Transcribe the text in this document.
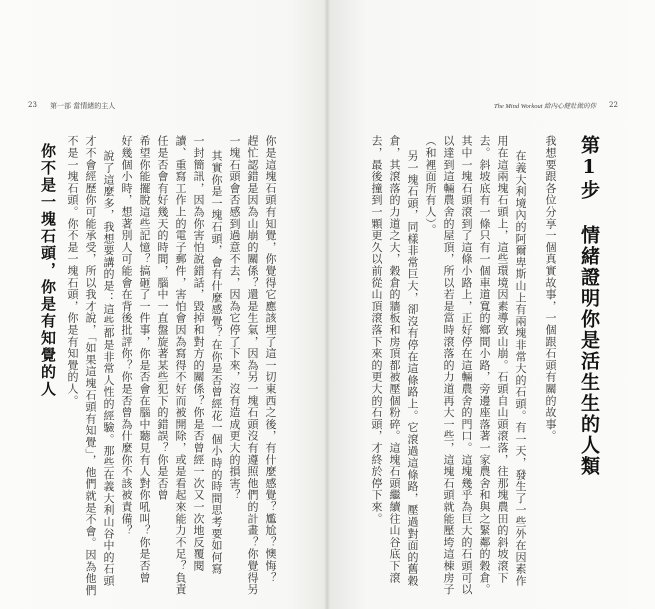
23 第一部 當情緒的主人	The Mind Workout 給內心健壯做的你 22
第1步 情緒證明你是活生生的人類
我想要跟各位分享一個真實故事，一個跟石頭有關的故事。
在義大利境內的阿爾卑斯山上有兩塊非常大的石頭。有一天，發生了一些外在因素作
用在這兩塊石頭上，這些環境因素導致山崩。石頭自山頭滾落，往那塊農田的斜坡滾下
去。斜坡底有一條只有一個車道寬的鄉間小路，旁邊座落著一家農舍和與之緊鄰的穀倉。
其中一塊石頭滾到了這條小路上，正好停在這輛農舍的門口。這塊幾乎為巨大的石頭可以
以達到這輛農舍的屋頂，所以若是當時滾落的力道再大一些，這塊石頭就能壓垮這棟房子
（和裡面所有人）。
另一塊石頭，同樣非常巨大，卻沒有停在這條路上。它滾過這條路，壓過對面的舊穀
倉，其滾落的力道之大，穀倉的牆板和房頂都被壓個粉碎。這塊石頭繼續往山谷底下滾
去，最後撞到一顆更久以前從山頂滾落下來的更大的石頭，才終於停下來。
你是這塊石頭有知覺，你覺得它應該埋了這一切東西之後，有什麼感覺？尷尬？懊悔？
趕忙認錯是因為山崩的關係？還是生氣，因為另一塊石頭沒有遵照他們的計畫？你覺得另
一塊石頭會否感到過意不去，因為它停了下來，沒有造成更大的損害？
其實你是一塊石頭，會有什麼感覺？在你是否曾經花一個小時的時間思考要如何寫
一封簡訊，因為你害怕說錯話，毀掉和對方的關係？你是否曾經一次又一次地反覆閱
讀、重寫工作上的電子郵件，害怕會因為寫得不好而被開除，或是看起來能力不足？負責
任是否會有好幾天的時間，腦中一直盤旋著某些犯下的錯誤？你是否曾
希望你能擺脫這些記憶？搞砸了一件事，你是否會在腦中聽見有人對你吼叫？你是否曾
好幾個小時，想著別人可能會在背後批評你？你是否曾為什麼你不該被責備？
說了這麼多，我想要講的是：這些都是非常人性的經驗。那些在義大利山谷中的石頭
才不會經歷你可能承受，所以我才說，「如果這塊石頭有知覺」，他們就是不會。因為他們
不是一塊石頭。你不是一塊石頭，你是有知覺的人。
你不是一塊石頭，你是有知覺的人
